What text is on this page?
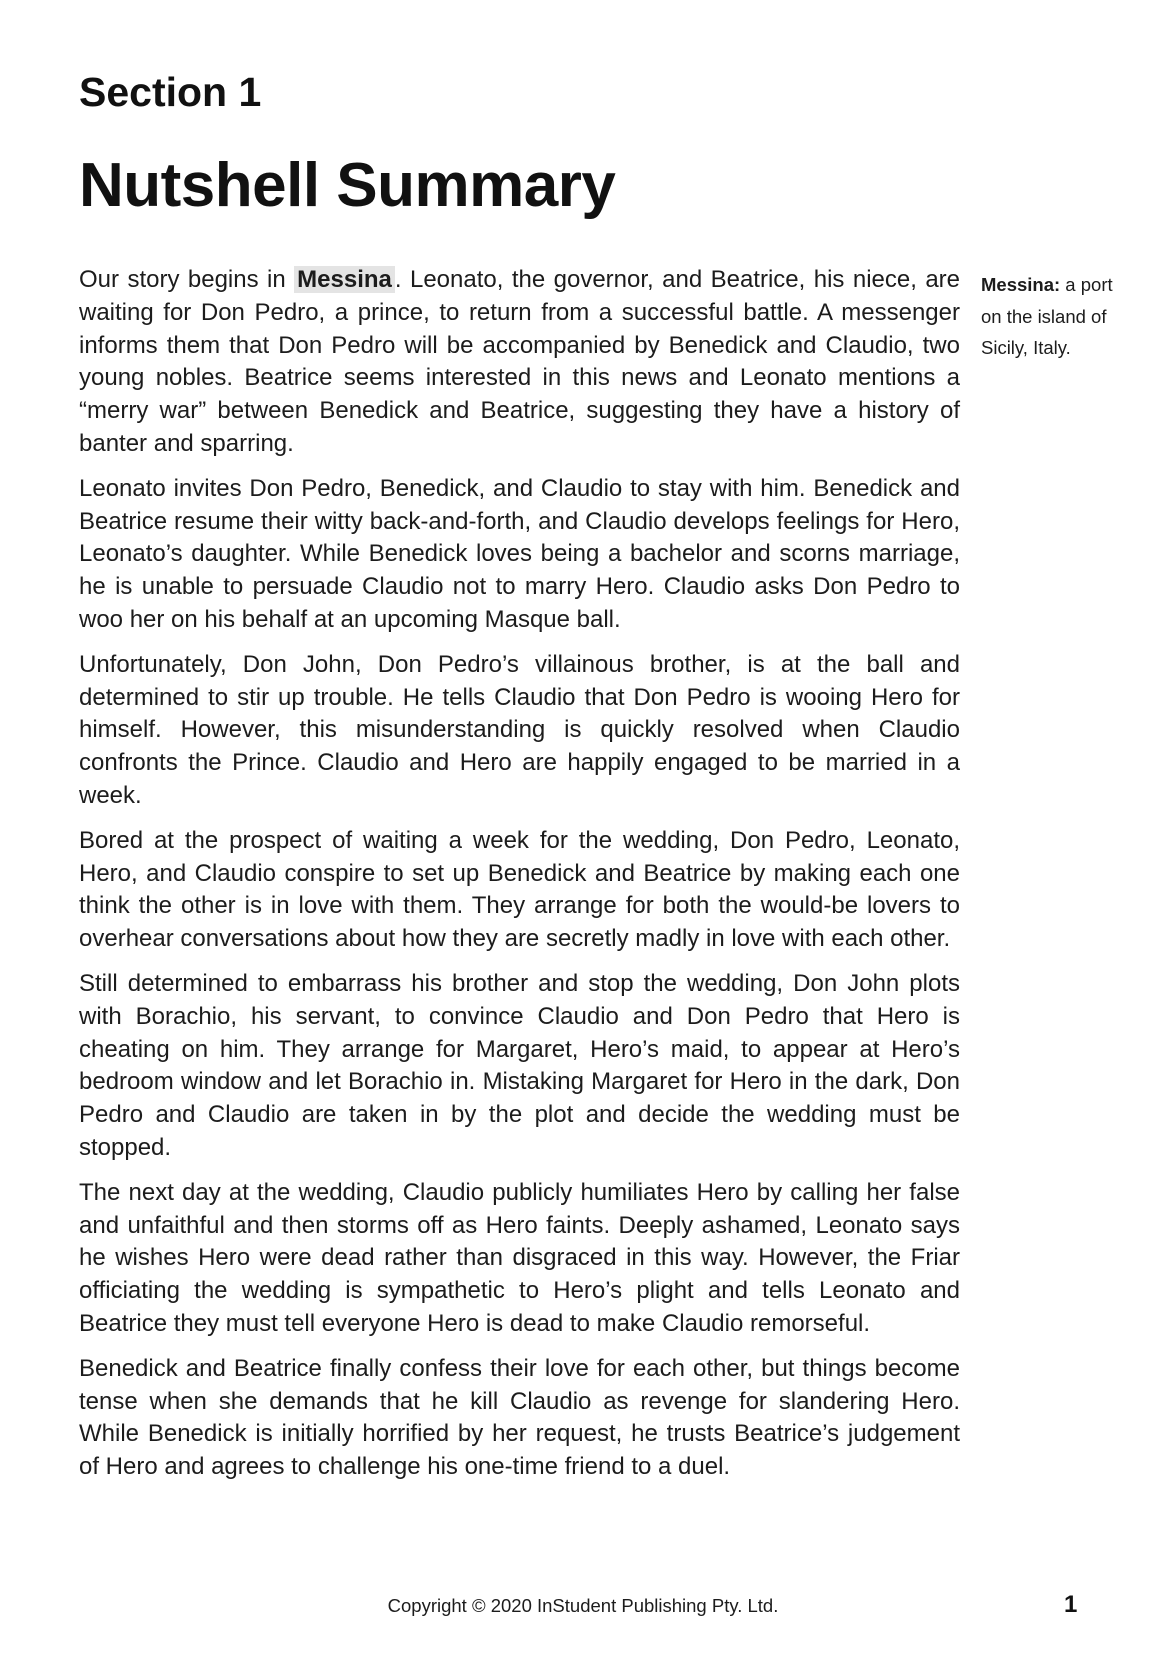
Section 1
Nutshell Summary

Our story begins in Messina . Leonato, the governor, and Beatrice, his niece, are waiting for Don Pedro, a prince, to return from a successful battle. A messenger informs them that Don Pedro will be accompanied by Benedick and Claudio, two young nobles. Beatrice seems interested in this news and Leonato mentions a “merry war” between Benedick and Beatrice, suggesting they have a history of banter and sparring.

Leonato invites Don Pedro, Benedick, and Claudio to stay with him. Benedick and Beatrice resume their witty back-and-forth, and Claudio develops feelings for Hero, Leonato’s daughter. While Benedick loves being a bachelor and scorns marriage, he is unable to persuade Claudio not to marry Hero. Claudio asks Don Pedro to woo her on his behalf at an upcoming Masque ball.

Unfortunately, Don John, Don Pedro’s villainous brother, is at the ball and determined to stir up trouble. He tells Claudio that Don Pedro is wooing Hero for himself. However, this misunderstanding is quickly resolved when Claudio confronts the Prince. Claudio and Hero are happily engaged to be married in a week.

Bored at the prospect of waiting a week for the wedding, Don Pedro, Leonato, Hero, and Claudio conspire to set up Benedick and Beatrice by making each one think the other is in love with them. They arrange for both the would-be lovers to overhear conversations about how they are secretly madly in love with each other.

Still determined to embarrass his brother and stop the wedding, Don John plots with Borachio, his servant, to convince Claudio and Don Pedro that Hero is cheating on him. They arrange for Margaret, Hero’s maid, to appear at Hero’s bedroom window and let Borachio in. Mistaking Margaret for Hero in the dark, Don Pedro and Claudio are taken in by the plot and decide the wedding must be stopped.

The next day at the wedding, Claudio publicly humiliates Hero by calling her false and unfaithful and then storms off as Hero faints. Deeply ashamed, Leonato says he wishes Hero were dead rather than disgraced in this way. However, the Friar officiating the wedding is sympathetic to Hero’s plight and tells Leonato and Beatrice they must tell everyone Hero is dead to make Claudio remorseful.

Benedick and Beatrice finally confess their love for each other, but things become tense when she demands that he kill Claudio as revenge for slandering Hero. While Benedick is initially horrified by her request, he trusts Beatrice’s judgement of Hero and agrees to challenge his one-time friend to a duel.

Messina: a port on the island of Sicily, Italy.
Copyright © 2020 InStudent Publishing Pty. Ltd.	1
